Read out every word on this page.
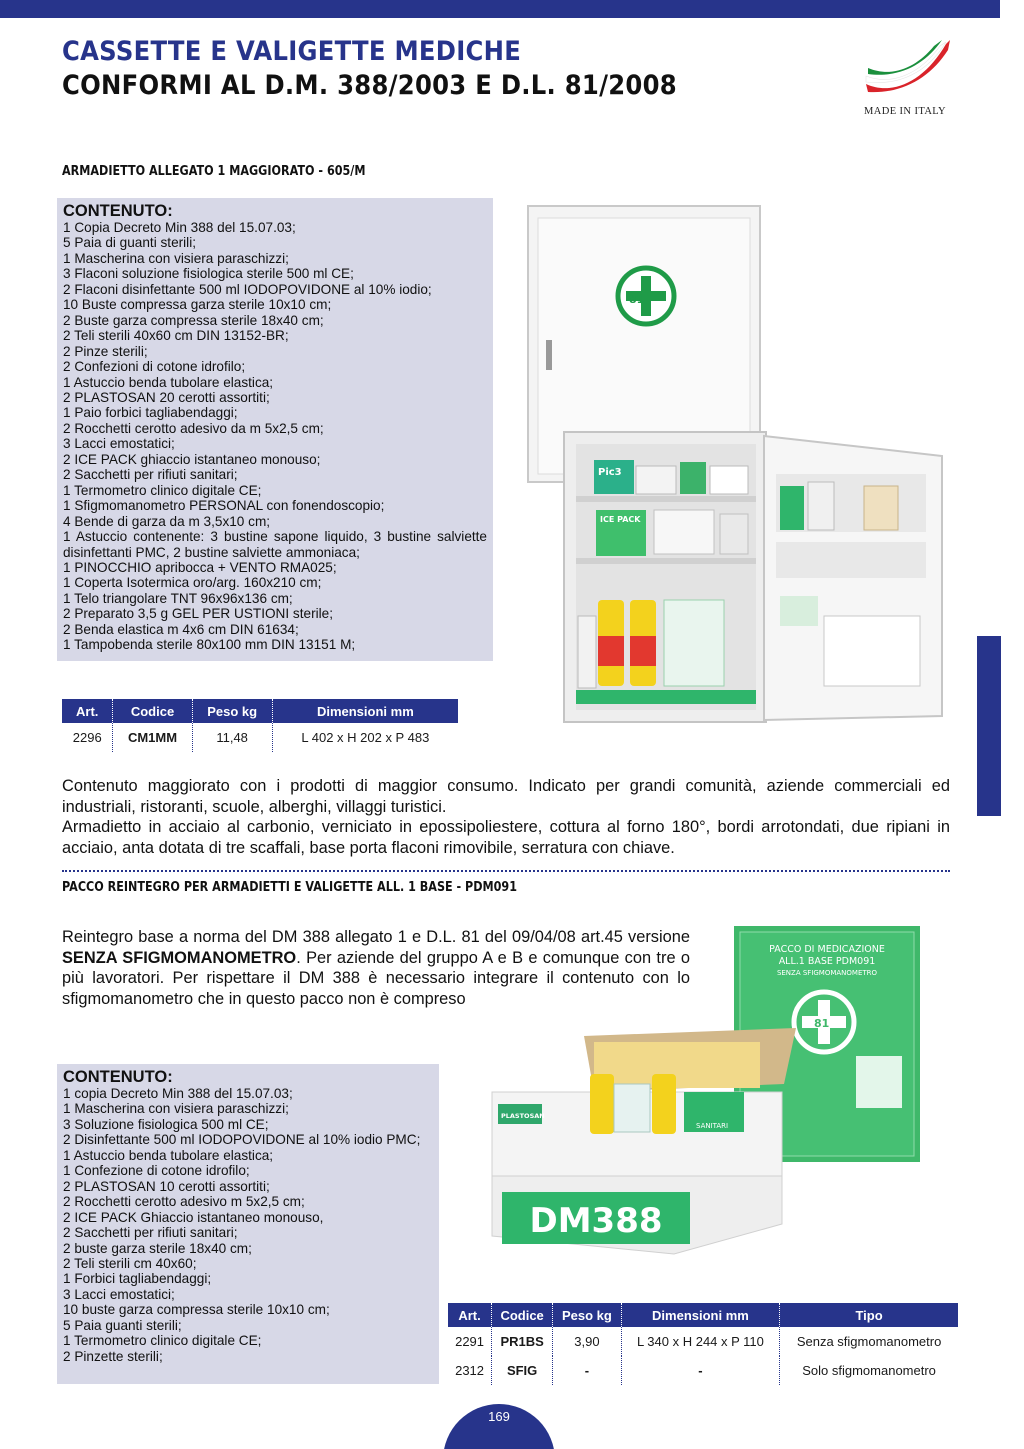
CASSETTE E VALIGETTE MEDICHE
CONFORMI AL D.M. 388/2003 E D.L. 81/2008
MADE IN ITALY
ARMADIETTO ALLEGATO 1 MAGGIORATO - 605/M
CONTENUTO:
1 Copia Decreto Min 388 del 15.07.03;
5 Paia di guanti sterili;
1 Mascherina con visiera paraschizzi;
3 Flaconi soluzione fisiologica sterile 500 ml CE;
2 Flaconi disinfettante 500 ml IODOPOVIDONE al 10% iodio;
10 Buste compressa garza sterile 10x10 cm;
2 Buste garza compressa sterile 18x40 cm;
2 Teli sterili 40x60 cm DIN 13152-BR;
2 Pinze sterili;
2 Confezioni di cotone idrofilo;
1 Astuccio benda tubolare elastica;
2 PLASTOSAN 20 cerotti assortiti;
1 Paio forbici tagliabendaggi;
2 Rocchetti cerotto adesivo da m 5x2,5 cm;
3 Lacci emostatici;
2 ICE PACK ghiaccio istantaneo monouso;
2 Sacchetti per rifiuti sanitari;
1 Termometro clinico digitale CE;
1 Sfigmomanometro PERSONAL con fonendoscopio;
4 Bende di garza da m 3,5x10 cm;
1 Astuccio contenente: 3 bustine sapone liquido, 3 bustine salviette disinfettanti PMC, 2 bustine salviette ammoniaca;
1 PINOCCHIO apribocca + VENTO RMA025;
1 Coperta Isotermica oro/arg. 160x210 cm;
1 Telo triangolare TNT 96x96x136 cm;
2 Preparato 3,5 g GEL PER USTIONI sterile;
2 Benda elastica m 4x6 cm DIN 61634;
1 Tampobenda sterile 80x100 mm DIN 13151 M;
81
Pic3
ICE PACK
Art.	Codice	Peso kg	Dimensioni mm
2296	CM1MM	11,48	L 402 x H 202 x P 483
Contenuto maggiorato con i prodotti di maggior consumo. Indicato per grandi comunità, aziende commerciali ed industriali, ristoranti, scuole, alberghi, villaggi turistici.
Armadietto in acciaio al carbonio, verniciato in epossipoliestere, cottura al forno 180°, bordi arrotondati, due ripiani in acciaio, anta dotata di tre scaffali, base porta flaconi rimovibile, serratura con chiave.
PACCO REINTEGRO PER ARMADIETTI E VALIGETTE ALL. 1 BASE - PDM091
Reintegro base a norma del DM 388 allegato 1 e D.L. 81 del 09/04/08 art.45 versione SENZA SFIGMOMANOMETRO. Per aziende del gruppo A e B e comunque con tre o più lavoratori. Per rispettare il DM 388 è necessario integrare il contenuto con lo sfigmomanometro che in questo pacco non è compreso
CONTENUTO:
1 copia Decreto Min 388 del 15.07.03;
1 Mascherina con visiera paraschizzi;
3 Soluzione fisiologica 500 ml CE;
2 Disinfettante 500 ml IODOPOVIDONE al 10% iodio PMC;
1 Astuccio benda tubolare elastica;
1 Confezione di cotone idrofilo;
2 PLASTOSAN 10 cerotti assortiti;
2 Rocchetti cerotto adesivo m 5x2,5 cm;
2 ICE PACK Ghiaccio istantaneo monouso,
2 Sacchetti per rifiuti sanitari;
2 buste garza sterile 18x40 cm;
2 Teli sterili cm 40x60;
1 Forbici tagliabendaggi;
3 Lacci emostatici;
10 buste garza compressa sterile 10x10 cm;
5 Paia guanti sterili;
1 Termometro clinico digitale CE;
2 Pinzette sterili;
PACCO DI MEDICAZIONE
ALL.1 BASE PDM091
SENZA SFIGMOMANOMETRO
81
PLASTOSAN
SANITARI
DM388
Art.	Codice	Peso kg	Dimensioni mm	Tipo
2291	PR1BS	3,90	L 340 x H 244 x P 110	Senza sfigmomanometro
2312	SFIG	-	-	Solo sfigmomanometro
169
